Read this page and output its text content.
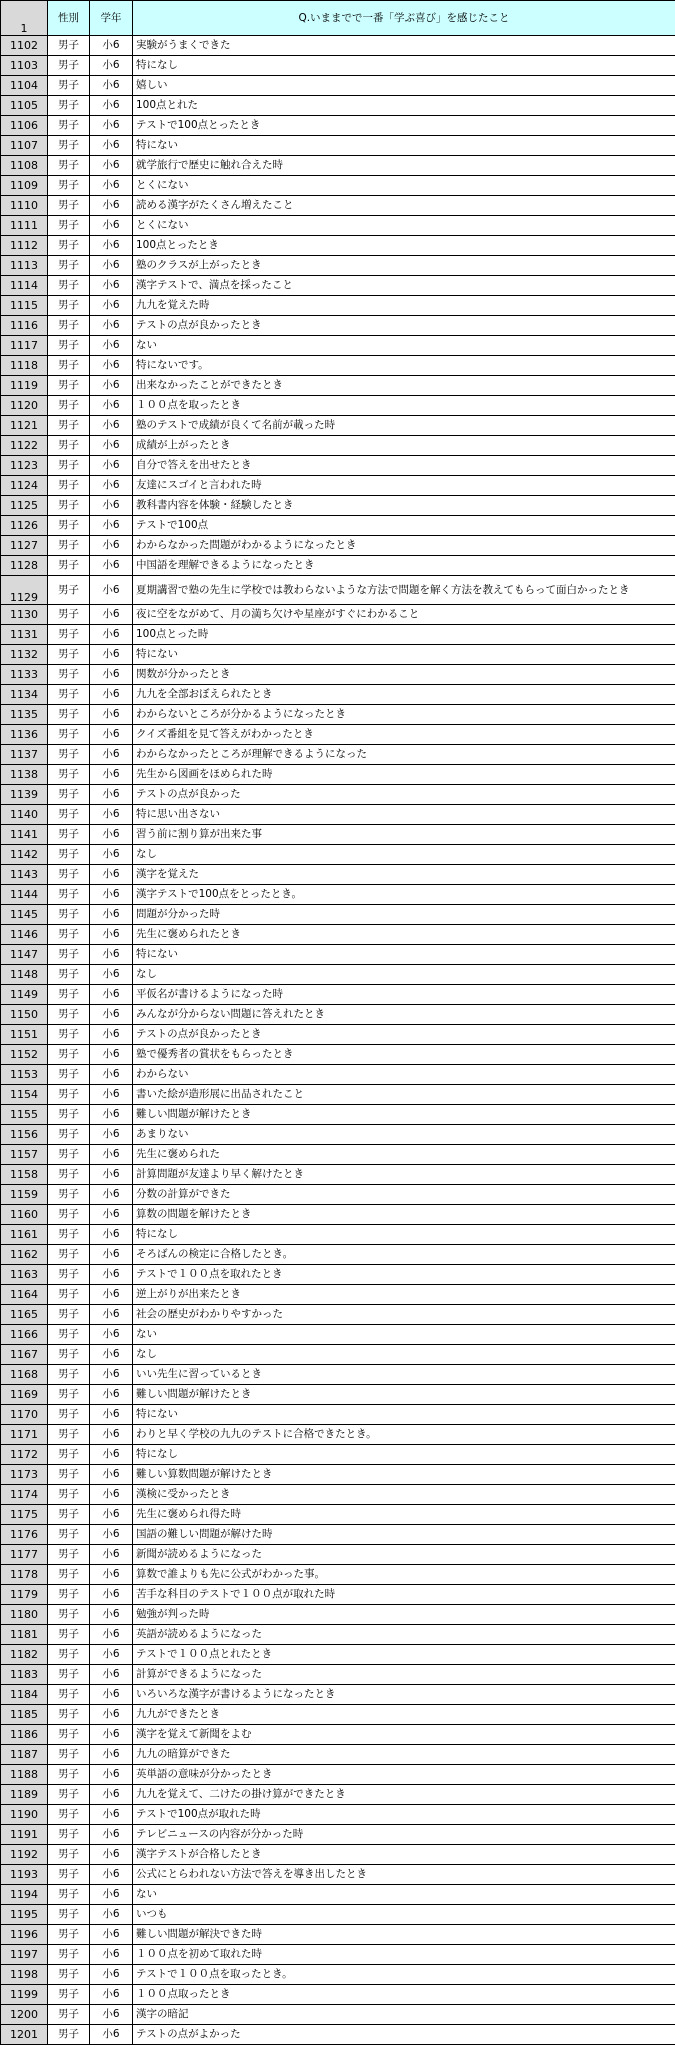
1	性別	学年	Q.いままでで一番「学ぶ喜び」を感じたこと
1102	男子	小6	実験がうまくできた
1103	男子	小6	特になし
1104	男子	小6	嬉しい
1105	男子	小6	100点とれた
1106	男子	小6	テストで100点とったとき
1107	男子	小6	特にない
1108	男子	小6	就学旅行で歴史に触れ合えた時
1109	男子	小6	とくにない
1110	男子	小6	読める漢字がたくさん増えたこと
1111	男子	小6	とくにない
1112	男子	小6	100点とったとき
1113	男子	小6	塾のクラスが上がったとき
1114	男子	小6	漢字テストで、満点を採ったこと
1115	男子	小6	九九を覚えた時
1116	男子	小6	テストの点が良かったとき
1117	男子	小6	ない
1118	男子	小6	特にないです。
1119	男子	小6	出来なかったことができたとき
1120	男子	小6	１００点を取ったとき
1121	男子	小6	塾のテストで成績が良くて名前が載った時
1122	男子	小6	成績が上がったとき
1123	男子	小6	自分で答えを出せたとき
1124	男子	小6	友達にスゴイと言われた時
1125	男子	小6	教科書内容を体験・経験したとき
1126	男子	小6	テストで100点
1127	男子	小6	わからなかった問題がわかるようになったとき
1128	男子	小6	中国語を理解できるようになったとき
1129	男子	小6	夏期講習で塾の先生に学校では教わらないような方法で問題を解く方法を教えてもらって面白かったとき
1130	男子	小6	夜に空をながめて、月の満ち欠けや星座がすぐにわかること
1131	男子	小6	100点とった時
1132	男子	小6	特にない
1133	男子	小6	関数が分かったとき
1134	男子	小6	九九を全部おぼえられたとき
1135	男子	小6	わからないところが分かるようになったとき
1136	男子	小6	クイズ番組を見て答えがわかったとき
1137	男子	小6	わからなかったところが理解できるようになった
1138	男子	小6	先生から図画をほめられた時
1139	男子	小6	テストの点が良かった
1140	男子	小6	特に思い出さない
1141	男子	小6	習う前に割り算が出来た事
1142	男子	小6	なし
1143	男子	小6	漢字を覚えた
1144	男子	小6	漢字テストで100点をとったとき。
1145	男子	小6	問題が分かった時
1146	男子	小6	先生に褒められたとき
1147	男子	小6	特にない
1148	男子	小6	なし
1149	男子	小6	平仮名が書けるようになった時
1150	男子	小6	みんなが分からない問題に答えれたとき
1151	男子	小6	テストの点が良かったとき
1152	男子	小6	塾で優秀者の賞状をもらったとき
1153	男子	小6	わからない
1154	男子	小6	書いた絵が造形展に出品されたこと
1155	男子	小6	難しい問題が解けたとき
1156	男子	小6	あまりない
1157	男子	小6	先生に褒められた
1158	男子	小6	計算問題が友達より早く解けたとき
1159	男子	小6	分数の計算ができた
1160	男子	小6	算数の問題を解けたとき
1161	男子	小6	特になし
1162	男子	小6	そろばんの検定に合格したとき。
1163	男子	小6	テストで１００点を取れたとき
1164	男子	小6	逆上がりが出来たとき
1165	男子	小6	社会の歴史がわかりやすかった
1166	男子	小6	ない
1167	男子	小6	なし
1168	男子	小6	いい先生に習っているとき
1169	男子	小6	難しい問題が解けたとき
1170	男子	小6	特にない
1171	男子	小6	わりと早く学校の九九のテストに合格できたとき。
1172	男子	小6	特になし
1173	男子	小6	難しい算数問題が解けたとき
1174	男子	小6	漢検に受かったとき
1175	男子	小6	先生に褒められ得た時
1176	男子	小6	国語の難しい問題が解けた時
1177	男子	小6	新聞が読めるようになった
1178	男子	小6	算数で誰よりも先に公式がわかった事。
1179	男子	小6	苦手な科目のテストで１００点が取れた時
1180	男子	小6	勉強が判った時
1181	男子	小6	英語が読めるようになった
1182	男子	小6	テストで１００点とれたとき
1183	男子	小6	計算ができるようになった
1184	男子	小6	いろいろな漢字が書けるようになったとき
1185	男子	小6	九九ができたとき
1186	男子	小6	漢字を覚えて新聞をよむ
1187	男子	小6	九九の暗算ができた
1188	男子	小6	英単語の意味が分かったとき
1189	男子	小6	九九を覚えて、二けたの掛け算ができたとき
1190	男子	小6	テストで100点が取れた時
1191	男子	小6	テレビニュースの内容が分かった時
1192	男子	小6	漢字テストが合格したとき
1193	男子	小6	公式にとらわれない方法で答えを導き出したとき
1194	男子	小6	ない
1195	男子	小6	いつも
1196	男子	小6	難しい問題が解決できた時
1197	男子	小6	１００点を初めて取れた時
1198	男子	小6	テストで１００点を取ったとき。
1199	男子	小6	１００点取ったとき
1200	男子	小6	漢字の暗記
1201	男子	小6	テストの点がよかった
